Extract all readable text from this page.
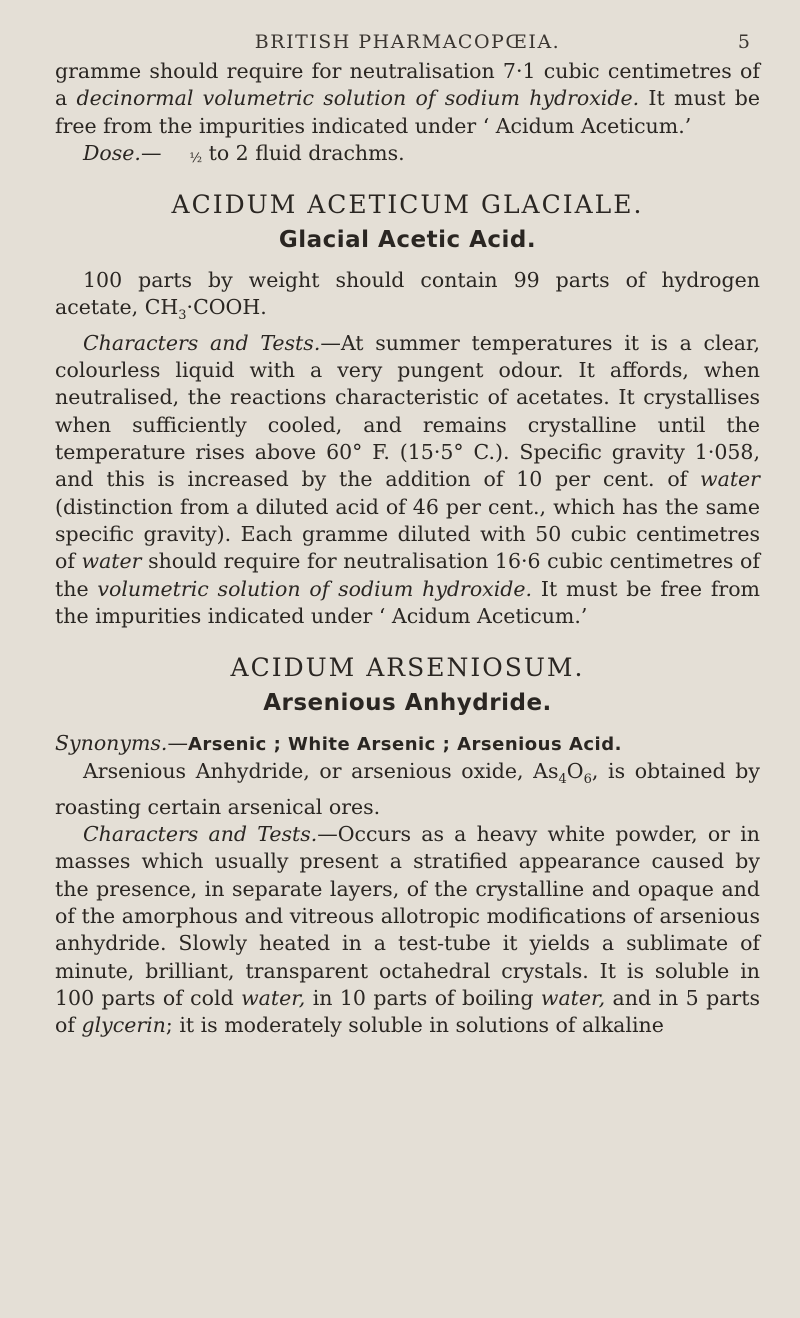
BRITISH PHARMACOPŒIA.	5

gramme should require for neutralisation 7·1 cubic centimetres of a decinormal volumetric solution of sodium hydroxide. It must be free from the impurities indicated under ‘ Acidum Aceticum.’

Dose.— ½ to 2 fluid drachms.

ACIDUM ACETICUM GLACIALE.
Glacial Acetic Acid.

100 parts by weight should contain 99 parts of hydrogen acetate, $CH_3\cdot COOH$.

Characters and Tests.—At summer temperatures it is a clear, colourless liquid with a very pungent odour. It affords, when neutralised, the reactions characteristic of acetates. It crystallises when sufficiently cooled, and remains crystalline until the temperature rises above 60° F. (15·5° C.). Specific gravity 1·058, and this is increased by the addition of 10 per cent. of water (distinction from a diluted acid of 46 per cent., which has the same specific gravity). Each gramme diluted with 50 cubic centimetres of water should require for neutralisation 16·6 cubic centimetres of the volumetric solution of sodium hydroxide. It must be free from the impurities indicated under ‘ Acidum Aceticum.’

ACIDUM ARSENIOSUM.
Arsenious Anhydride.

Synonyms.—Arsenic ; White Arsenic ; Arsenious Acid.

Arsenious Anhydride, or arsenious oxide, $As_4O_6$, is obtained by roasting certain arsenical ores.

Characters and Tests.—Occurs as a heavy white powder, or in masses which usually present a stratified appearance caused by the presence, in separate layers, of the crystalline and opaque and of the amorphous and vitreous allotropic modifications of arsenious anhydride. Slowly heated in a test-tube it yields a sublimate of minute, brilliant, transparent octahedral crystals. It is soluble in 100 parts of cold water, in 10 parts of boiling water, and in 5 parts of glycerin; it is moderately soluble in solutions of alkaline
